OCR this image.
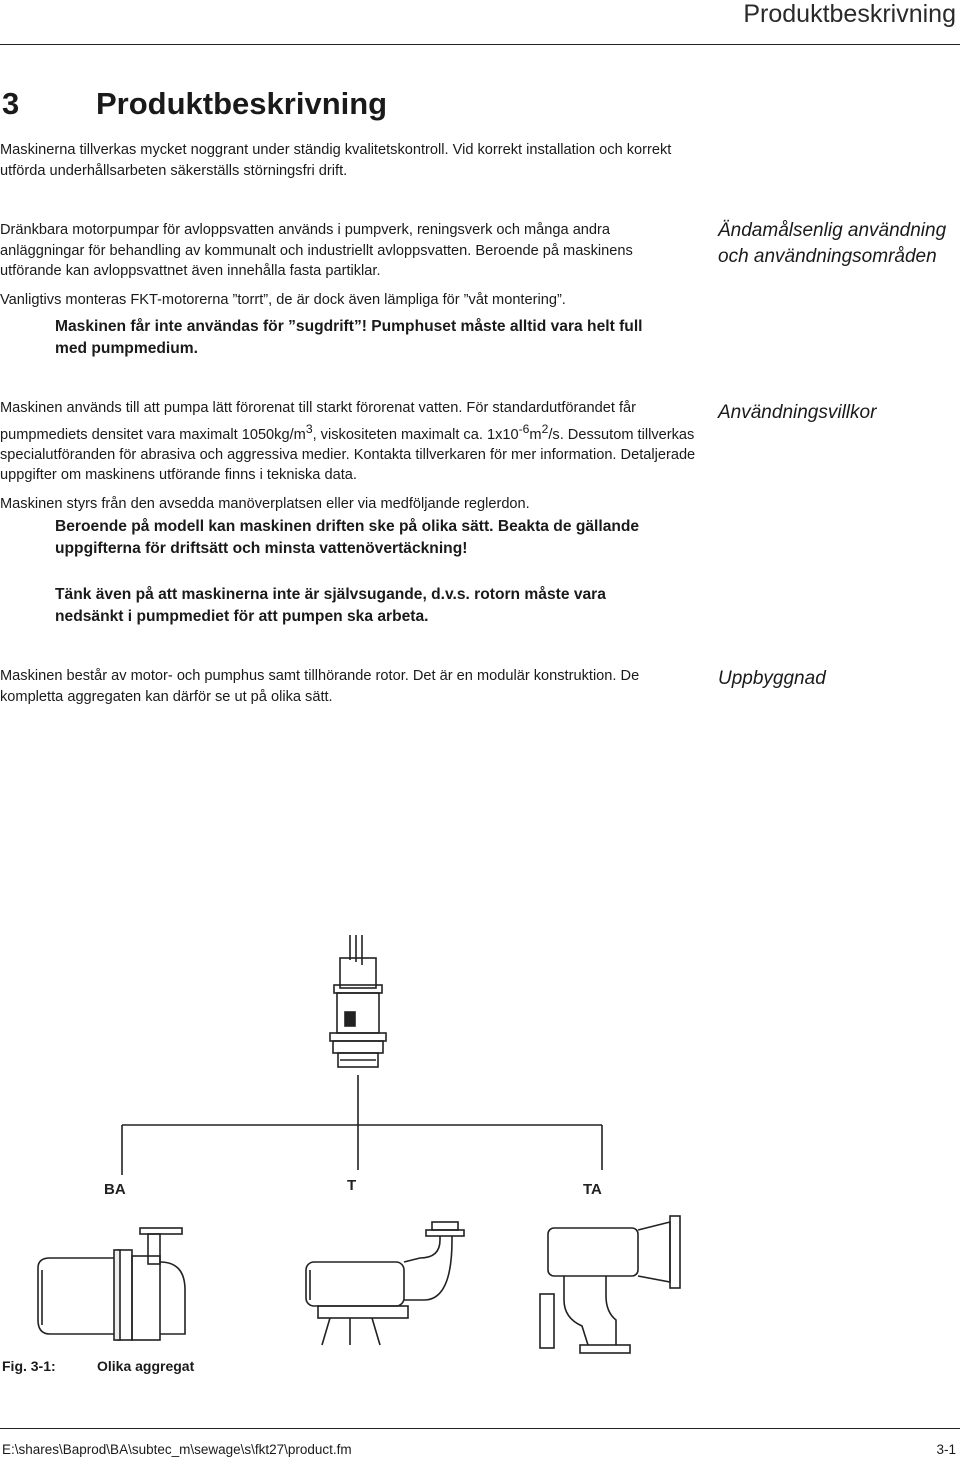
Produktbeskrivning
3 Produktbeskrivning

Maskinerna tillverkas mycket noggrant under ständig kvalitetskontroll. Vid korrekt installation och korrekt utförda underhållsarbeten säkerställs störningsfri drift.

Dränkbara motorpumpar för avloppsvatten används i pumpverk, reningsverk och många andra anläggningar för behandling av kommunalt och industriellt avloppsvatten. Beroende på maskinens utförande kan avloppsvattnet även innehålla fasta partiklar.

Vanligtivs monteras FKT-motorerna ”torrt”, de är dock även lämpliga för ”våt montering”.

Maskinen får inte användas för ”sugdrift”! Pumphuset måste alltid vara helt full med pumpmedium.
Ändamålsenlig användning och användningsområden

Maskinen används till att pumpa lätt förorenat till starkt förorenat vatten. För standardutförandet får pumpmediets densitet vara maximalt $1050kg/m^3$, viskositeten maximalt ca. $1x10^{-6}m^2/s$. Dessutom tillverkas specialutföranden för abrasiva och aggressiva medier. Kontakta tillverkaren för mer information. Detaljerade uppgifter om maskinens utförande finns i tekniska data.

Maskinen styrs från den avsedda manöverplatsen eller via medföljande reglerdon.

Beroende på modell kan maskinen driften ske på olika sätt. Beakta de gällande uppgifterna för driftsätt och minsta vattenövertäckning!
Tänk även på att maskinerna inte är självsugande, d.v.s. rotorn måste vara nedsänkt i pumpmediet för att pumpen ska arbeta.
Användningsvillkor

Maskinen består av motor- och pumphus samt tillhörande rotor. Det är en modulär konstruktion. De kompletta aggregaten kan därför se ut på olika sätt.

Uppbyggnad
BA	T	TA
Fig. 3-1:	Olika aggregat
E:\shares\Baprod\BA\subtec_m\sewage\s\fkt27\product.fm	3-1
